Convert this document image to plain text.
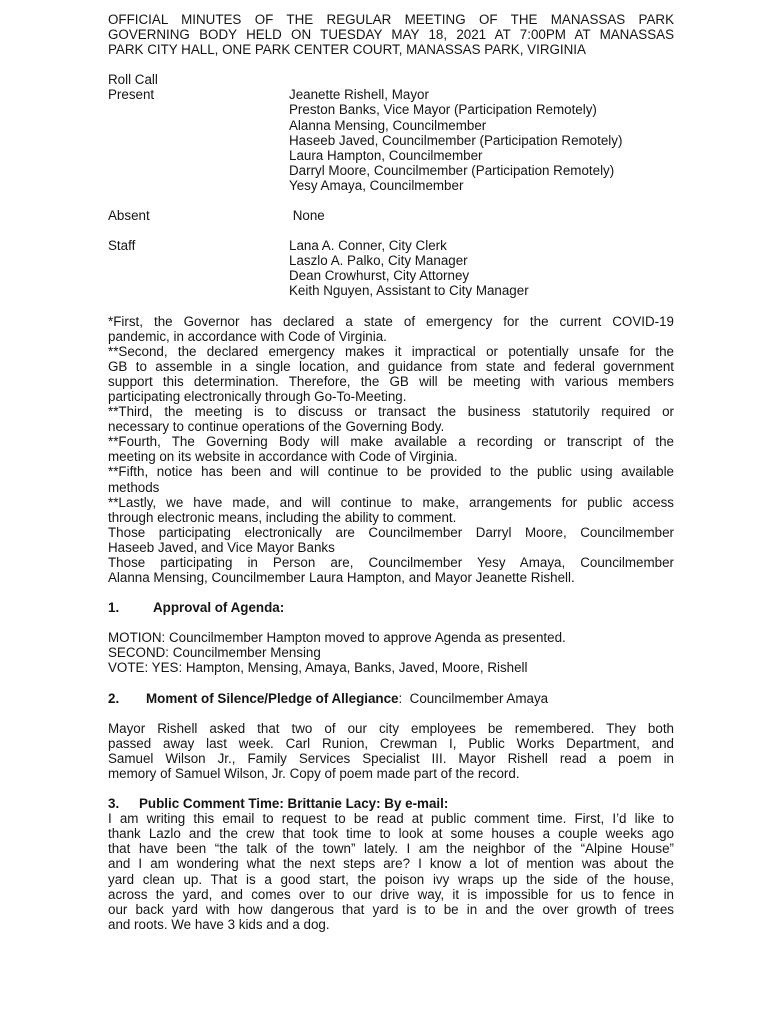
OFFICIAL MINUTES OF THE REGULAR MEETING OF THE MANASSAS PARK
GOVERNING BODY HELD ON TUESDAY MAY 18, 2021 AT 7:00PM AT MANASSAS
PARK CITY HALL, ONE PARK CENTER COURT, MANASSAS PARK, VIRGINIA
Roll Call
Present	Jeanette Rishell, Mayor
Preston Banks, Vice Mayor (Participation Remotely)
Alanna Mensing, Councilmember
Haseeb Javed, Councilmember (Participation Remotely)
Laura Hampton, Councilmember
Darryl Moore, Councilmember (Participation Remotely)
Yesy Amaya, Councilmember
Absent	None
Staff	Lana A. Conner, City Clerk
Laszlo A. Palko, City Manager
Dean Crowhurst, City Attorney
Keith Nguyen, Assistant to City Manager
*First, the Governor has declared a state of emergency for the current COVID-19
pandemic, in accordance with Code of Virginia.
**Second, the declared emergency makes it impractical or potentially unsafe for the
GB to assemble in a single location, and guidance from state and federal government
support this determination. Therefore, the GB will be meeting with various members
participating electronically through Go-To-Meeting.
**Third, the meeting is to discuss or transact the business statutorily required or
necessary to continue operations of the Governing Body.
**Fourth, The Governing Body will make available a recording or transcript of the
meeting on its website in accordance with Code of Virginia.
**Fifth, notice has been and will continue to be provided to the public using available
methods
**Lastly, we have made, and will continue to make, arrangements for public access
through electronic means, including the ability to comment.
Those participating electronically are Councilmember Darryl Moore, Councilmember
Haseeb Javed, and Vice Mayor Banks
Those participating in Person are, Councilmember Yesy Amaya, Councilmember
Alanna Mensing, Councilmember Laura Hampton, and Mayor Jeanette Rishell.
1.	Approval of Agenda:
MOTION: Councilmember Hampton moved to approve Agenda as presented.
SECOND: Councilmember Mensing
VOTE: YES: Hampton, Mensing, Amaya, Banks, Javed, Moore, Rishell
2. Moment of Silence/Pledge of Allegiance:  Councilmember Amaya
Mayor Rishell asked that two of our city employees be remembered. They both
passed away last week. Carl Runion, Crewman I, Public Works Department, and
Samuel Wilson Jr., Family Services Specialist III. Mayor Rishell read a poem in
memory of Samuel Wilson, Jr. Copy of poem made part of the record.
3. Public Comment Time: Brittanie Lacy: By e-mail:
I am writing this email to request to be read at public comment time. First, I’d like to
thank Lazlo and the crew that took time to look at some houses a couple weeks ago
that have been “the talk of the town” lately. I am the neighbor of the “Alpine House”
and I am wondering what the next steps are? I know a lot of mention was about the
yard clean up. That is a good start, the poison ivy wraps up the side of the house,
across the yard, and comes over to our drive way, it is impossible for us to fence in
our back yard with how dangerous that yard is to be in and the over growth of trees
and roots. We have 3 kids and a dog.
